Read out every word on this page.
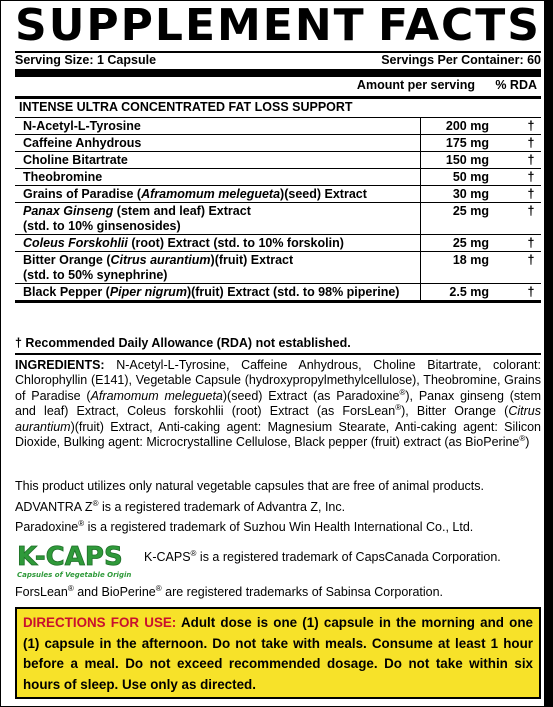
SUPPLEMENT FACTS
Serving Size: 1 Capsule	Servings Per Container: 60
Amount per serving % RDA
INTENSE ULTRA CONCENTRATED FAT LOSS SUPPORT
N-Acetyl-L-Tyrosine	200 mg	†
Caffeine Anhydrous	175 mg	†
Choline Bitartrate	150 mg	†
Theobromine	50 mg	†
Grains of Paradise (Aframomum melegueta)(seed) Extract	30 mg	†
Panax Ginseng (stem and leaf) Extract
(std. to 10% ginsenosides)	25 mg	†
Coleus Forskohlii (root) Extract (std. to 10% forskolin)	25 mg	†
Bitter Orange (Citrus aurantium)(fruit) Extract
(std. to 50% synephrine)	18 mg	†
Black Pepper (Piper nigrum)(fruit) Extract (std. to 98% piperine)	2.5 mg	†
† Recommended Daily Allowance (RDA) not established.
INGREDIENTS: N-Acetyl-L-Tyrosine, Caffeine Anhydrous, Choline Bitartrate, colorant: Chlorophyllin (E141), Vegetable Capsule (hydroxypropylmethylcellulose), Theobromine, Grains of Paradise (Aframomum melegueta)(seed) Extract (as Paradoxine®), Panax ginseng (stem and leaf) Extract, Coleus forskohlii (root) Extract (as ForsLean®), Bitter Orange (Citrus aurantium)(fruit) Extract, Anti-caking agent: Magnesium Stearate, Anti-caking agent: Silicon Dioxide, Bulking agent: Microcrystalline Cellulose, Black pepper (fruit) extract (as BioPerine®)
This product utilizes only natural vegetable capsules that are free of animal products.
ADVANTRA Z® is a registered trademark of Advantra Z, Inc.
Paradoxine® is a registered trademark of Suzhou Win Health International Co., Ltd.
K-CAPS
Capsules of Vegetable Origin
K-CAPS® is a registered trademark of CapsCanada Corporation.
ForsLean® and BioPerine® are registered trademarks of Sabinsa Corporation.
DIRECTIONS FOR USE: Adult dose is one (1) capsule in the morning and one (1) capsule in the afternoon. Do not take with meals. Consume at least 1 hour before a meal. Do not exceed recommended dosage. Do not take within six hours of sleep. Use only as directed.
